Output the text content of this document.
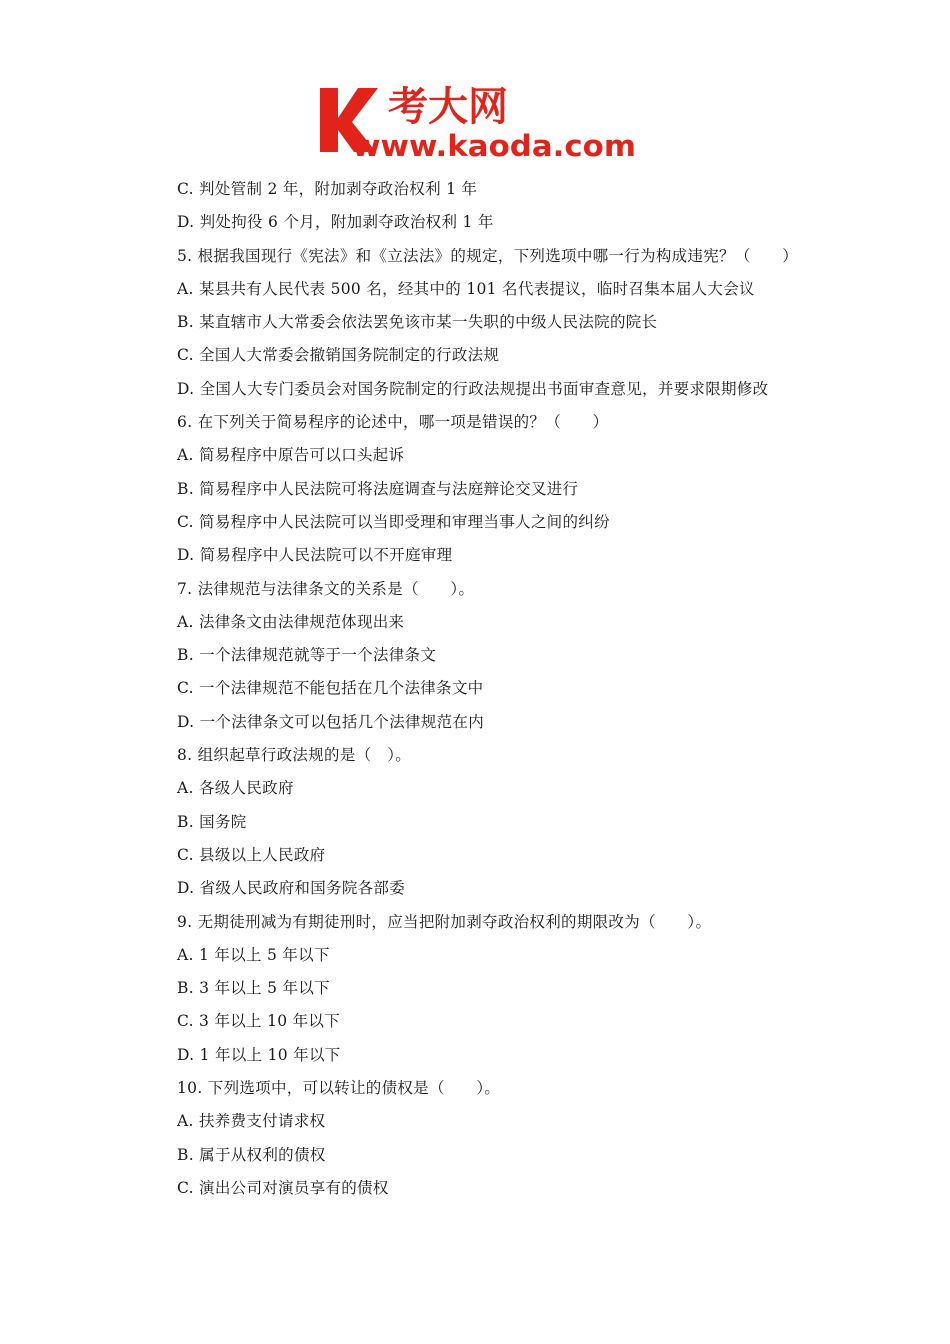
考大网
www.kaoda.com
C. 判处管制 2 年，附加剥夺政治权利 1 年
D. 判处拘役 6 个月，附加剥夺政治权利 1 年
5. 根据我国现行《宪法》和《立法法》的规定，下列选项中哪一行为构成违宪？（　　）
A. 某县共有人民代表 500 名，经其中的 101 名代表提议，临时召集本届人大会议
B. 某直辖市人大常委会依法罢免该市某一失职的中级人民法院的院长
C. 全国人大常委会撤销国务院制定的行政法规
D. 全国人大专门委员会对国务院制定的行政法规提出书面审查意见，并要求限期修改
6. 在下列关于简易程序的论述中，哪一项是错误的？（　　）
A. 简易程序中原告可以口头起诉
B. 简易程序中人民法院可将法庭调查与法庭辩论交叉进行
C. 简易程序中人民法院可以当即受理和审理当事人之间的纠纷
D. 简易程序中人民法院可以不开庭审理
7. 法律规范与法律条文的关系是（　　）。
A. 法律条文由法律规范体现出来
B. 一个法律规范就等于一个法律条文
C. 一个法律规范不能包括在几个法律条文中
D. 一个法律条文可以包括几个法律规范在内
8. 组织起草行政法规的是（　）。
A. 各级人民政府
B. 国务院
C. 县级以上人民政府
D. 省级人民政府和国务院各部委
9. 无期徒刑减为有期徒刑时，应当把附加剥夺政治权利的期限改为（　　）。
A. 1 年以上 5 年以下
B. 3 年以上 5 年以下
C. 3 年以上 10 年以下
D. 1 年以上 10 年以下
10. 下列选项中，可以转让的债权是（　　）。
A. 扶养费支付请求权
B. 属于从权利的债权
C. 演出公司对演员享有的债权
